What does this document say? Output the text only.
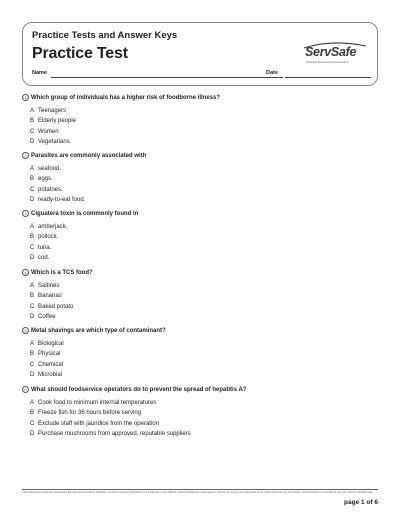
Practice Tests and Answer Keys
Practice Test	ServSafe
National Restaurant Association
Name	Date
1 Which group of individuals has a higher risk of foodborne illness?
A Teenagers
B Elderly people
C Women
D Vegetarians
2 Parasites are commonly associated with
A seafood.
B eggs.
C potatoes.
D ready-to-eat food.
3 Ciguatera toxin is commonly found in
A amberjack.
B pollock.
C tuna.
D cod.
4 Which is a TCS food?
A Saltines
B Bananas
C Baked potato
D Coffee
5 Metal shavings are which type of contaminant?
A Biological
B Physical
C Chemical
D Microbial
6 What should foodservice operators do to prevent the spread of hepatitis A?
A Cook food to minimum internal temperatures
B Freeze fish for 36 hours before serving
C Exclude staff with jaundice from the operation
D Purchase mushrooms from approved, reputable suppliers
©2014 National Restaurant Association Educational Foundation (NRAEF). All rights reserved. ServSafe® is a trademark of the NRAEF. National Restaurant Association® and the arc design are trademarks of the National Restaurant Association. Reproducible for instructional use only. Not for individual sale.
page 1 of 6
